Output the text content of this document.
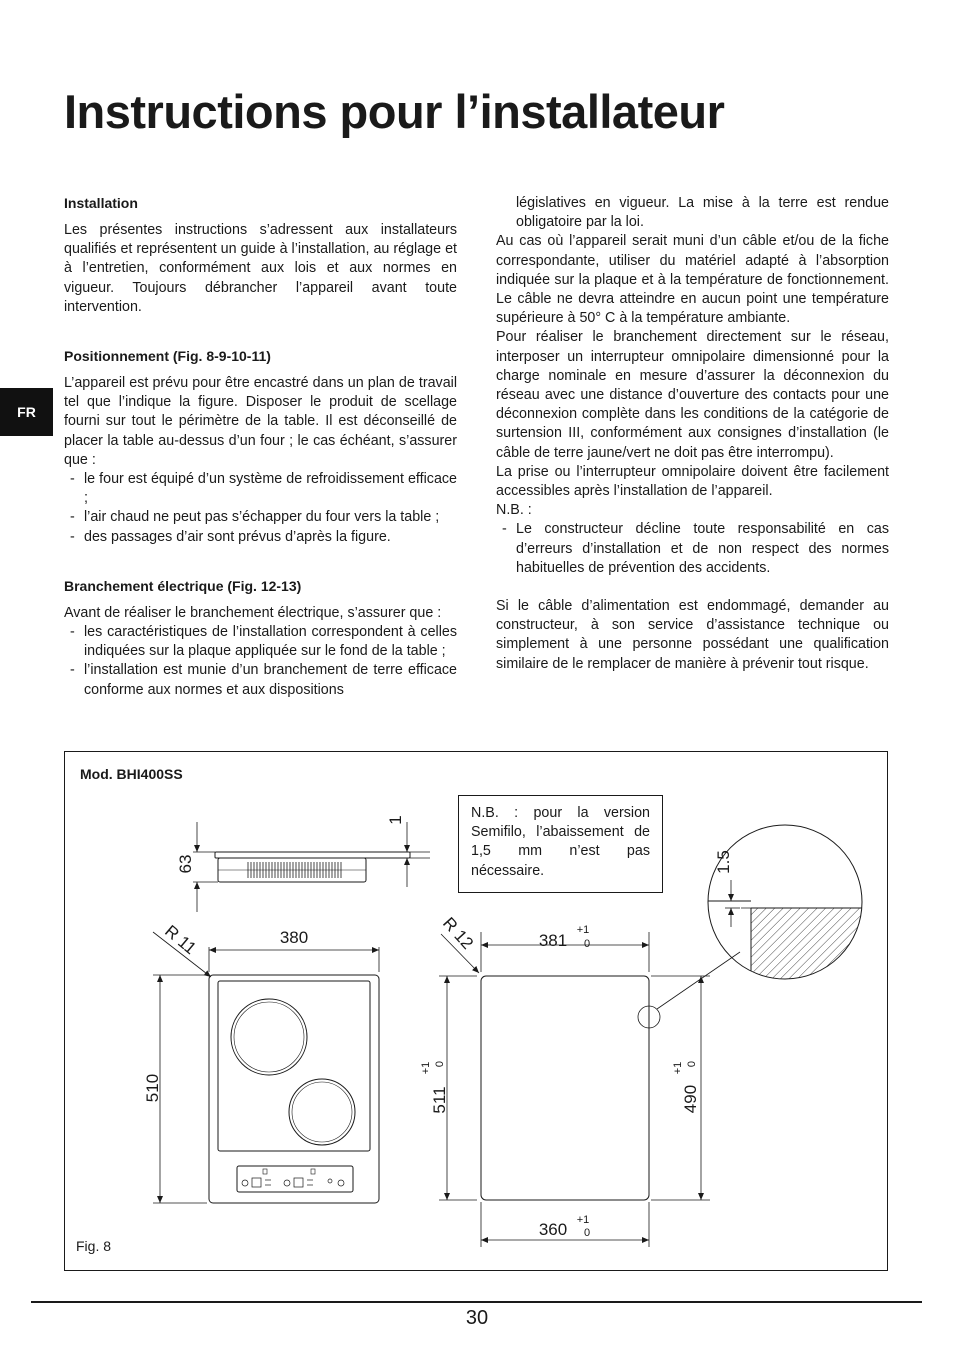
Instructions pour l’installateur
FR
Installation

Les présentes instructions s’adressent aux installateurs qualifiés et représentent un guide à l’installation, au réglage et à l’entretien, conformément aux lois et aux normes en vigueur. Toujours débrancher l’appareil avant toute intervention.

Positionnement (Fig. 8-9-10-11)

L’appareil est prévu pour être encastré dans un plan de travail tel que l’indique la figure. Disposer le produit de scellage fourni sur tout le périmètre de la table. Il est déconseillé de placer la table au-dessus d’un four ; le cas échéant, s’assurer que :

- le four est équipé d’un système de refroidissement efficace ;
- l’air chaud ne peut pas s’échapper du four vers la table ;
- des passages d’air sont prévus d’après la figure.
Branchement électrique (Fig. 12-13)

Avant de réaliser le branchement électrique, s’assurer que :

- les caractéristiques de l’installation correspondent à celles indiquées sur la plaque appliquée sur le fond de la table ;
- l’installation est munie d’un branchement de terre efficace conforme aux normes et aux dispositions

législatives en vigueur. La mise à la terre est rendue obligatoire par la loi.

Au cas où l’appareil serait muni d’un câble et/ou de la fiche correspondante, utiliser du matériel adapté à l’absorption indiquée sur la plaque et à la température de fonctionnement. Le câble ne devra atteindre en aucun point une température supérieure à 50° C à la température ambiante.

Pour réaliser le branchement directement sur le réseau, interposer un interrupteur omnipolaire dimensionné pour la charge nominale en mesure d’assurer la déconnexion du réseau avec une distance d’ouverture des contacts pour une déconnexion complète dans les conditions de la catégorie de surtension III, conformément aux consignes d’installation (le câble de terre jaune/vert ne doit pas être interrompu).

La prise ou l’interrupteur omnipolaire doivent être facilement accessibles après l’installation de l’appareil.

N.B. :

- Le constructeur décline toute responsabilité en cas d’erreurs d’installation et de non respect des normes habituelles de prévention des accidents.

Si le câble d’alimentation est endommagé, demander au constructeur, à son service d’assistance technique ou simplement à une personne possédant une qualification similaire de le remplacer de manière à prévenir tout risque.

63
1
380
R 11
510
R 12	381
+1
0
511
+1 0
490
+1 0
360 +1
0
1.5
Mod. BHI400SS
N.B. : pour la version Semifilo, l’abaissement de 1,5 mm n’est pas nécessaire.
Fig. 8
30
